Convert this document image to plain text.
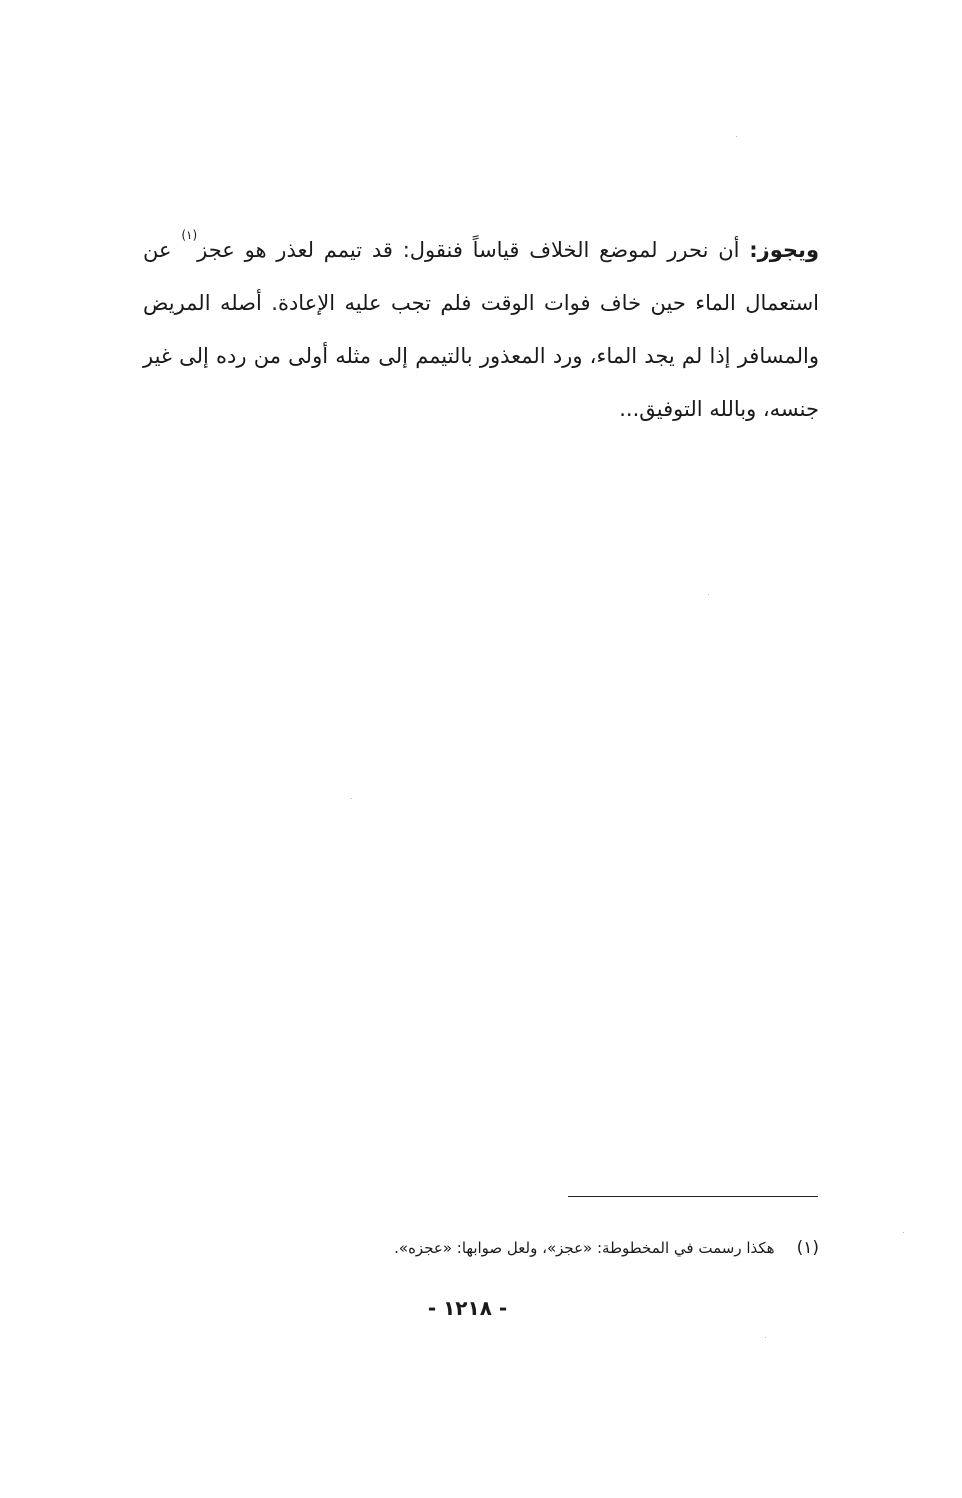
ويجوز: أن نحرر لموضع الخلاف قياساً فنقول: قد تيمم لعذر هو عجز$^{(١)}$ عن استعمال الماء حين خاف فوات الوقت فلم تجب عليه الإعادة. أصله المريض والمسافر إذا لم يجد الماء، ورد المعذور بالتيمم إلى مثله أولى من رده إلى غير جنسه، وبالله التوفيق...

(١)هكذا رسمت في المخطوطة: «عجز»، ولعل صوابها: «عجزه».
- ١٢١٨ -
